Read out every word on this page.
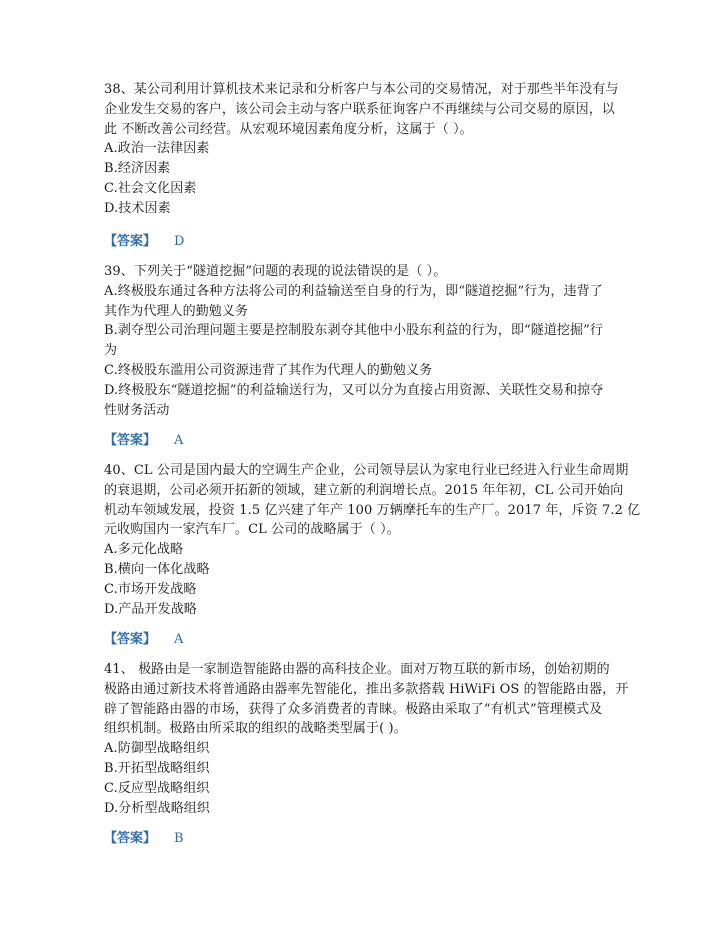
38、某公司利用计算机技术来记录和分析客户与本公司的交易情况，对于那些半年没有与
企业发生交易的客户，该公司会主动与客户联系征询客户不再继续与公司交易的原因，以
此 不断改善公司经营。从宏观环境因素角度分析，这属于（ ）。
A.政治一法律因素
B.经济因素
C.社会文化因素
D.技术因素
【答案】 D
39、下列关于“隧道挖掘”问题的表现的说法错误的是（ ）。
A.终极股东通过各种方法将公司的利益输送至自身的行为，即“隧道挖掘”行为，违背了
其作为代理人的勤勉义务
B.剥夺型公司治理问题主要是控制股东剥夺其他中小股东利益的行为，即“隧道挖掘”行
为
C.终极股东滥用公司资源违背了其作为代理人的勤勉义务
D.终极股东“隧道挖掘”的利益输送行为，又可以分为直接占用资源、关联性交易和掠夺
性财务活动
【答案】 A
40、CL 公司是国内最大的空调生产企业，公司领导层认为家电行业已经进入行业生命周期
的衰退期，公司必须开拓新的领域，建立新的利润增长点。2015 年年初，CL 公司开始向
机动车领域发展，投资 1.5 亿兴建了年产 100 万辆摩托车的生产厂。2017 年，斥资 7.2 亿
元收购国内一家汽车厂。CL 公司的战略属于（ ）。
A.多元化战略
B.横向一体化战略
C.市场开发战略
D.产品开发战略
【答案】 A
41、 极路由是一家制造智能路由器的高科技企业。面对万物互联的新市场，创始初期的
极路由通过新技术将普通路由器率先智能化，推出多款搭载 HiWiFi OS 的智能路由器，开
辟了智能路由器的市场，获得了众多消费者的青睐。极路由采取了“有机式”管理模式及
组织机制。极路由所采取的组织的战略类型属于( )。
A.防御型战略组织
B.开拓型战略组织
C.反应型战略组织
D.分析型战略组织
【答案】 B
